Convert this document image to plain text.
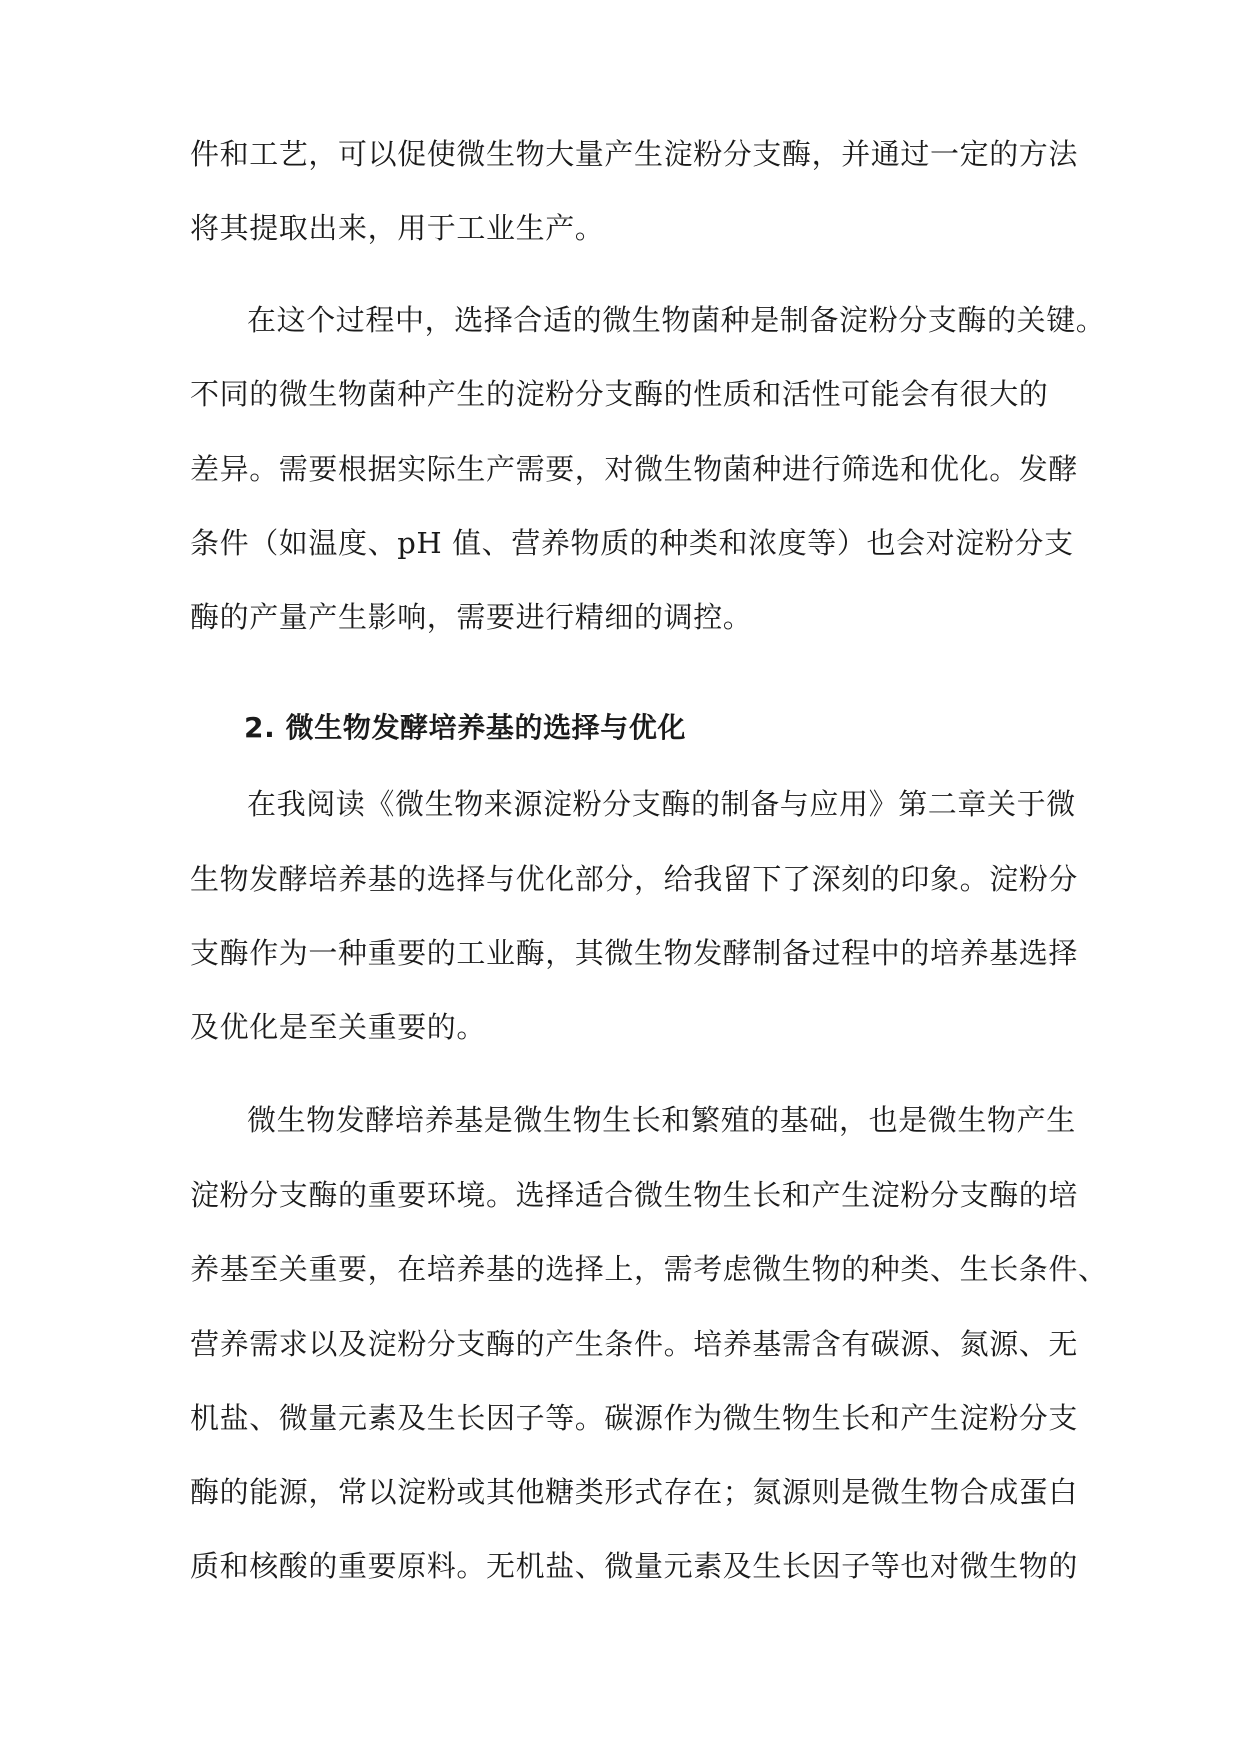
件和工艺，可以促使微生物大量产生淀粉分支酶，并通过一定的方法

将其提取出来，用于工业生产。

在这个过程中，选择合适的微生物菌种是制备淀粉分支酶的关键。

不同的微生物菌种产生的淀粉分支酶的性质和活性可能会有很大的

差异。需要根据实际生产需要，对微生物菌种进行筛选和优化。发酵

条件（如温度、pH 值、营养物质的种类和浓度等）也会对淀粉分支

酶的产量产生影响，需要进行精细的调控。

2. 微生物发酵培养基的选择与优化

在我阅读《微生物来源淀粉分支酶的制备与应用》第二章关于微

生物发酵培养基的选择与优化部分，给我留下了深刻的印象。淀粉分

支酶作为一种重要的工业酶，其微生物发酵制备过程中的培养基选择

及优化是至关重要的。

微生物发酵培养基是微生物生长和繁殖的基础，也是微生物产生

淀粉分支酶的重要环境。选择适合微生物生长和产生淀粉分支酶的培

养基至关重要，在培养基的选择上，需考虑微生物的种类、生长条件、

营养需求以及淀粉分支酶的产生条件。培养基需含有碳源、氮源、无

机盐、微量元素及生长因子等。碳源作为微生物生长和产生淀粉分支

酶的能源，常以淀粉或其他糖类形式存在；氮源则是微生物合成蛋白

质和核酸的重要原料。无机盐、微量元素及生长因子等也对微生物的
